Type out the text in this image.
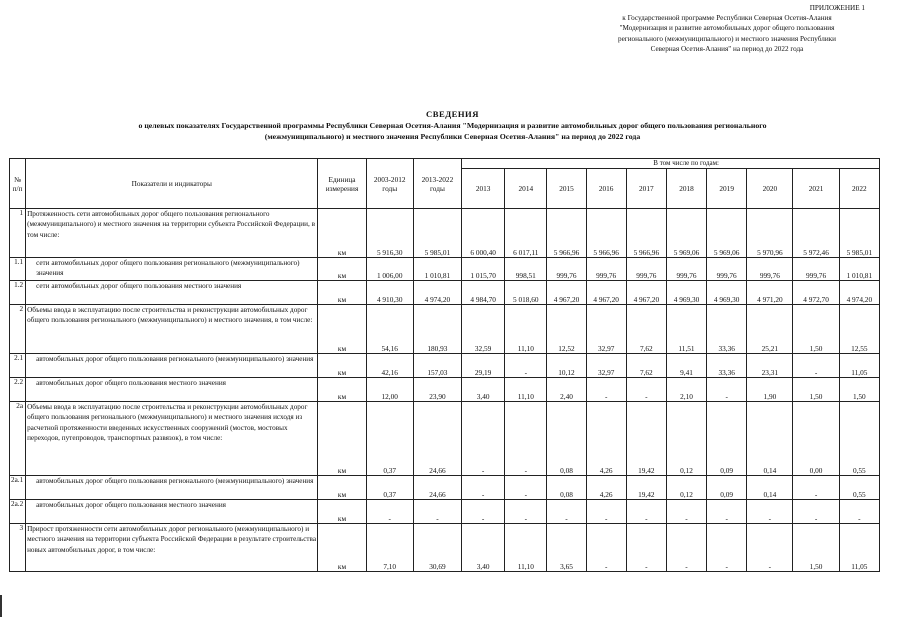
ПРИЛОЖЕНИЕ 1
к Государственной программе Республики Северная Осетия-Алания
"Модернизация и развитие автомобильных дорог общего пользования
регионального (межмуниципального) и местного значения Республики
Северная Осетия-Алания" на период до 2022 года
СВЕДЕНИЯ
о целевых показателях Государственной программы Республики Северная Осетия-Алания "Модернизация и развитие автомобильных дорог общего пользования регионального
(межмуниципального) и местного значения Республики Северная Осетия-Алания" на период до 2022 года
№ п/п	Показатели и индикаторы	Единица измерения	2003-2012 годы	2013-2022 годы	В том числе по годам:									
					2013	2014	2015	2016	2017	2018	2019	2020	2021	2022
1	Протяженность сети автомобильных дорог общего пользования регионального (межмуниципального) и местного значения на территории субъекта Российской Федерации, в том числе:	км	5 916,30	5 985,01	6 000,40	6 017,11	5 966,96	5 966,96	5 966,96	5 969,06	5 969,06	5 970,96	5 972,46	5 985,01
1.1	сети автомобильных дорог общего пользования регионального (межмуниципального) значения	км	1 006,00	1 010,81	1 015,70	998,51	999,76	999,76	999,76	999,76	999,76	999,76	999,76	1 010,81
1.2	сети автомобильных дорог общего пользования местного значения	км	4 910,30	4 974,20	4 984,70	5 018,60	4 967,20	4 967,20	4 967,20	4 969,30	4 969,30	4 971,20	4 972,70	4 974,20
2	Объемы ввода в эксплуатацию после строительства и реконструкции автомобильных дорог общего пользования регионального (межмуниципального) и местного значения, в том числе:	км	54,16	180,93	32,59	11,10	12,52	32,97	7,62	11,51	33,36	25,21	1,50	12,55
2.1	автомобильных дорог общего пользования регионального (межмуниципального) значения	км	42,16	157,03	29,19	-	10,12	32,97	7,62	9,41	33,36	23,31	-	11,05
2.2	автомобильных дорог общего пользования местного значения	км	12,00	23,90	3,40	11,10	2,40	-	-	2,10	-	1,90	1,50	1,50
2а	Объемы ввода в эксплуатацию после строительства и реконструкции автомобильных дорог общего пользования регионального (межмуниципального) и местного значения исходя из расчетной протяженности введенных искусственных сооружений (мостов, мостовых переходов, путепроводов, транспортных развязок), в том числе:	км	0,37	24,66	-	-	0,08	4,26	19,42	0,12	0,09	0,14	0,00	0,55
2а.1	автомобильных дорог общего пользования регионального (межмуниципального) значения	км	0,37	24,66	-	-	0,08	4,26	19,42	0,12	0,09	0,14	-	0,55
2а.2	автомобильных дорог общего пользования местного значения	км	-	-	-	-	-	-	-	-	-	-	-	-
3	Прирост протяженности сети автомобильных дорог регионального (межмуниципального) и местного значения на территории субъекта Российской Федерации в результате строительства новых автомобильных дорог, в том числе:	км	7,10	30,69	3,40	11,10	3,65	-	-	-	-	-	1,50	11,05
